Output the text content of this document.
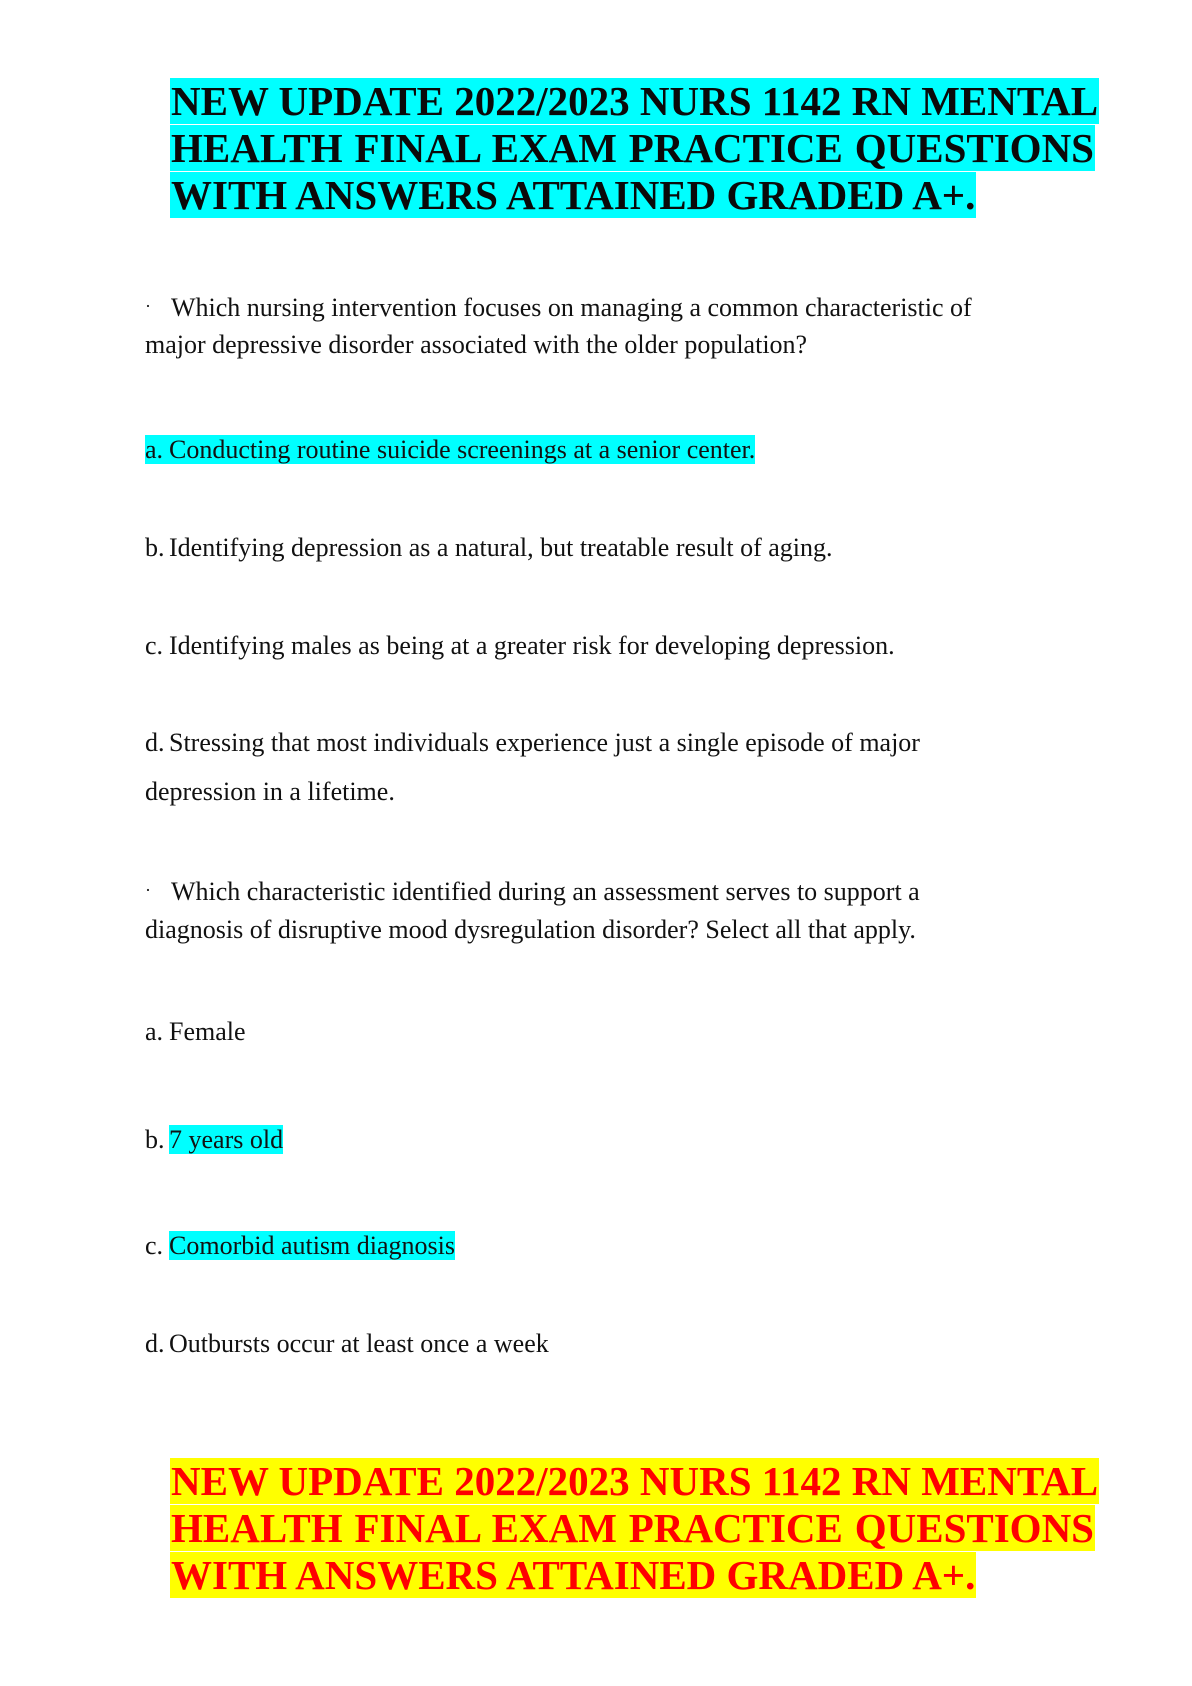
NEW UPDATE 2022/2023 NURS 1142 RN MENTAL
HEALTH FINAL EXAM PRACTICE QUESTIONS
WITH ANSWERS ATTAINED GRADED A+.
· Which nursing intervention focuses on managing a common characteristic of
major depressive disorder associated with the older population?
a. Conducting routine suicide screenings at a senior center.
b. Identifying depression as a natural, but treatable result of aging.
c. Identifying males as being at a greater risk for developing depression.
d. Stressing that most individuals experience just a single episode of major
depression in a lifetime.
· Which characteristic identified during an assessment serves to support a
diagnosis of disruptive mood dysregulation disorder? Select all that apply.
a. Female
b. 7 years old
c. Comorbid autism diagnosis
d. Outbursts occur at least once a week
NEW UPDATE 2022/2023 NURS 1142 RN MENTAL
HEALTH FINAL EXAM PRACTICE QUESTIONS
WITH ANSWERS ATTAINED GRADED A+.
